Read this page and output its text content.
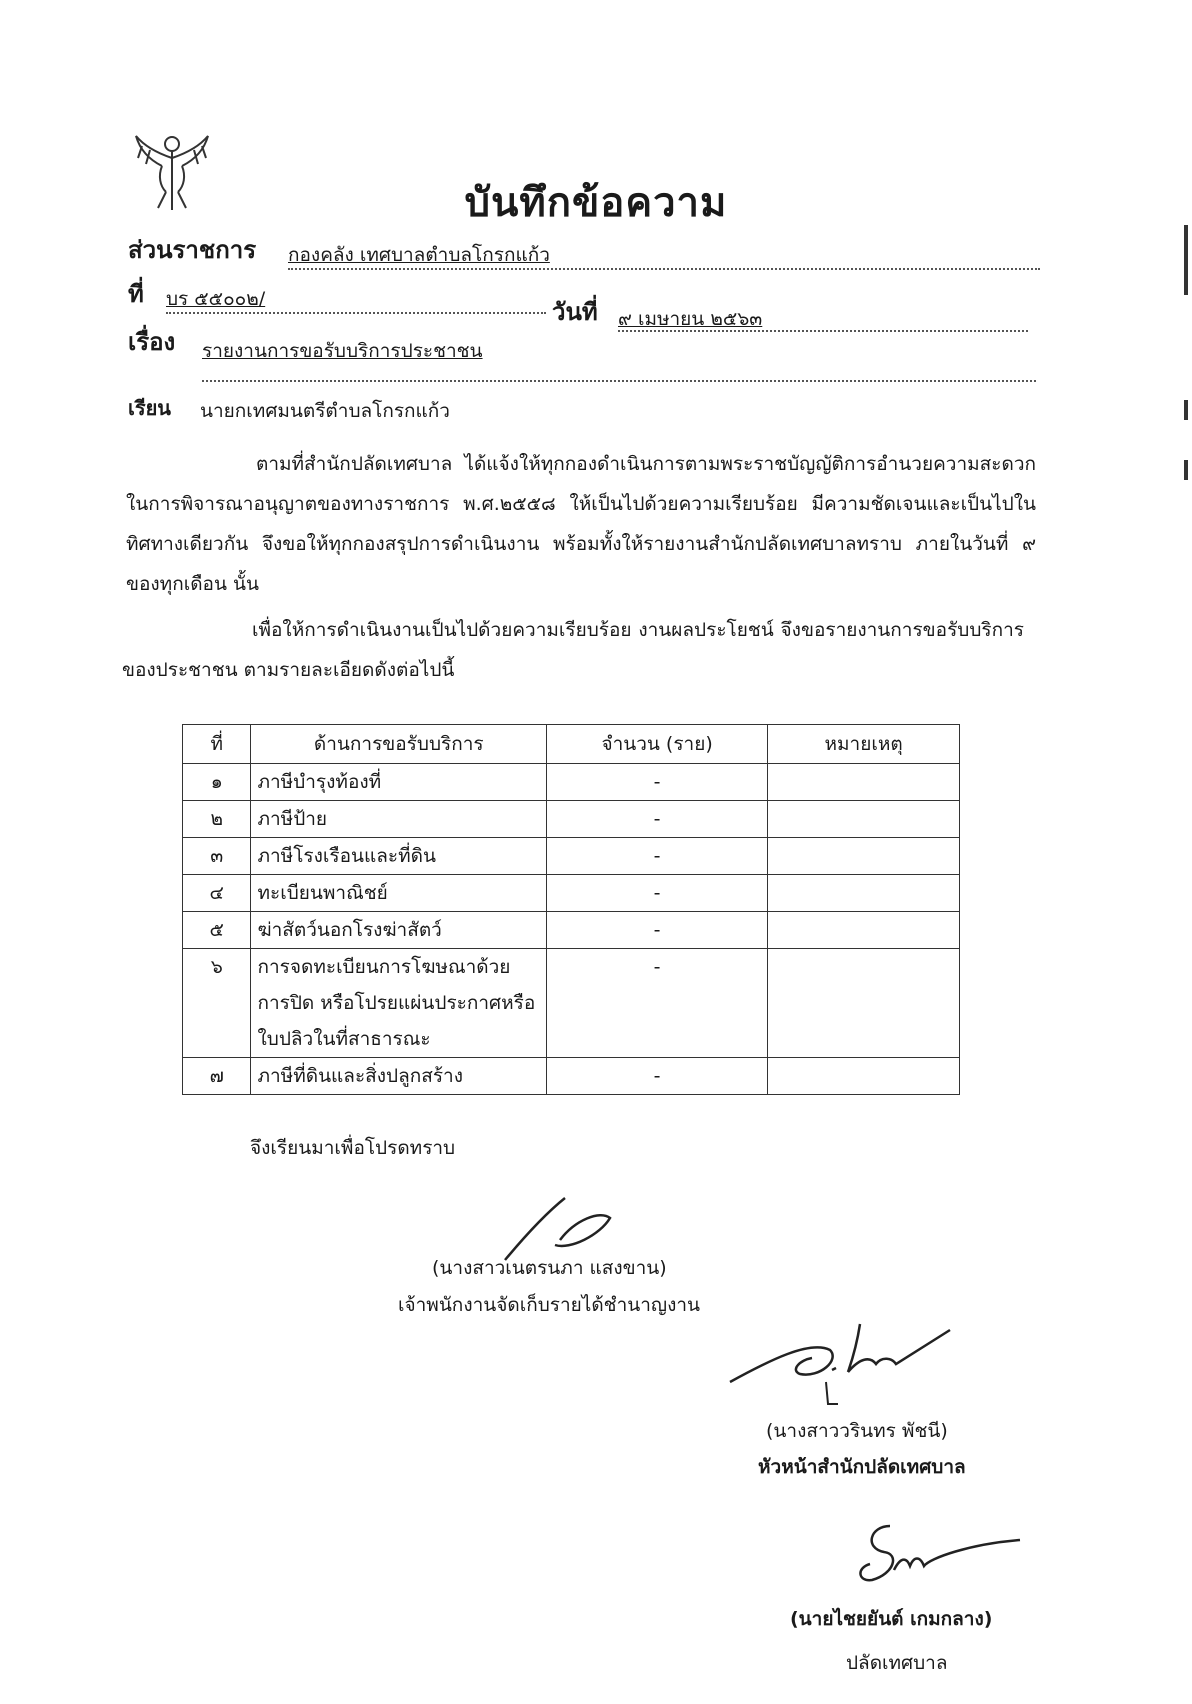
บันทึกข้อความ
ส่วนราชการ กองคลัง เทศบาลตำบลโกรกแก้ว
ที่ บร ๕๕๐๐๒/	วันที่ ๙ เมษายน ๒๕๖๓
เรื่อง รายงานการขอรับบริการประชาชน
เรียน นายกเทศมนตรีตำบลโกรกแก้ว
ตามที่สำนักปลัดเทศบาล ได้แจ้งให้ทุกกองดำเนินการตามพระราชบัญญัติการอำนวยความสะดวกในการพิจารณาอนุญาตของทางราชการ พ.ศ.๒๕๕๘ ให้เป็นไปด้วยความเรียบร้อย มีความชัดเจนและเป็นไปในทิศทางเดียวกัน จึงขอให้ทุกกองสรุปการดำเนินงาน พร้อมทั้งให้รายงานสำนักปลัดเทศบาลทราบ ภายในวันที่ ๙ ของทุกเดือน นั้น
เพื่อให้การดำเนินงานเป็นไปด้วยความเรียบร้อย งานผลประโยชน์ จึงขอรายงานการขอรับบริการของประชาชน ตามรายละเอียดดังต่อไปนี้
ที่	ด้านการขอรับบริการ	จำนวน (ราย)	หมายเหตุ
๑	ภาษีบำรุงท้องที่	-	
๒	ภาษีป้าย	-	
๓	ภาษีโรงเรือนและที่ดิน	-	
๔	ทะเบียนพาณิชย์	-	
๕	ฆ่าสัตว์นอกโรงฆ่าสัตว์	-	
๖	การจดทะเบียนการโฆษณาด้วยการปิด หรือโปรยแผ่นประกาศหรือใบปลิวในที่สาธารณะ	-	
๗	ภาษีที่ดินและสิ่งปลูกสร้าง	-	
จึงเรียนมาเพื่อโปรดทราบ
(นางสาวเนตรนภา แสงขาน)
เจ้าพนักงานจัดเก็บรายได้ชำนาญงาน
(นางสาววรินทร พัชนี)
หัวหน้าสำนักปลัดเทศบาล
(นายไชยยันต์ เกมกลาง)
ปลัดเทศบาล
